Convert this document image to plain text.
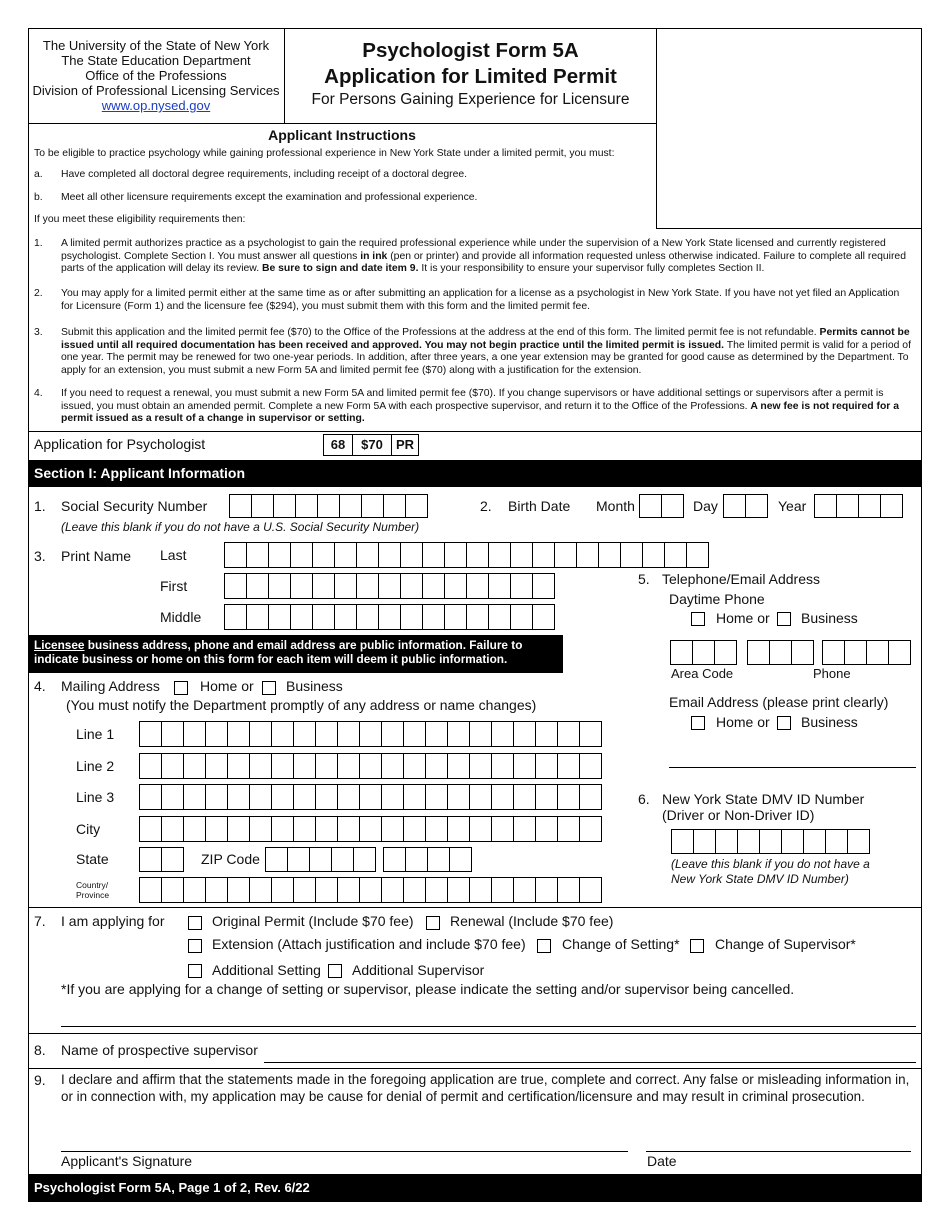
The University of the State of New York
The State Education Department
Office of the Professions
Division of Professional Licensing Services
www.op.nysed.gov
Psychologist Form 5A
Application for Limited Permit
For Persons Gaining Experience for Licensure
Applicant Instructions
To be eligible to practice psychology while gaining professional experience in New York State under a limited permit, you must:
a. Have completed all doctoral degree requirements, including receipt of a doctoral degree.
b. Meet all other licensure requirements except the examination and professional experience.
If you meet these eligibility requirements then:
1. A limited permit authorizes practice as a psychologist to gain the required professional experience while under the supervision of a New York State licensed and currently registered psychologist. Complete Section I. You must answer all questions in ink (pen or printer) and provide all information requested unless otherwise indicated. Failure to complete all required parts of the application will delay its review. Be sure to sign and date item 9. It is your responsibility to ensure your supervisor fully completes Section II.
2. You may apply for a limited permit either at the same time as or after submitting an application for a license as a psychologist in New York State. If you have not yet filed an Application for Licensure (Form 1) and the licensure fee ($294), you must submit them with this form and the limited permit fee.
3. Submit this application and the limited permit fee ($70) to the Office of the Professions at the address at the end of this form. The limited permit fee is not refundable. Permits cannot be issued until all required documentation has been received and approved. You may not begin practice until the limited permit is issued. The limited permit is valid for a period of one year. The permit may be renewed for two one-year periods. In addition, after three years, a one year extension may be granted for good cause as determined by the Department. To apply for an extension, you must submit a new Form 5A and limited permit fee ($70) along with a justification for the extension.
4. If you need to request a renewal, you must submit a new Form 5A and limited permit fee ($70). If you change supervisors or have additional settings or supervisors after a permit is issued, you must obtain an amended permit. Complete a new Form 5A with each prospective supervisor, and return it to the Office of the Professions. A new fee is not required for a permit issued as a result of a change in supervisor or setting.
Application for Psychologist	68	$70	PR
Section I: Applicant Information
1. Social Security Number
(Leave this blank if you do not have a U.S. Social Security Number)
2. Birth Date Month	Day	Year
3. Print Name Last
First
Middle
Licensee business address, phone and email address are public information. Failure to indicate business or home on this form for each item will deem it public information.
5. Telephone/Email Address
Daytime Phone
Home or Business
Area Code	Phone
Email Address (please print clearly)
Home or Business
6. New York State DMV ID Number
(Driver or Non-Driver ID)
(Leave this blank if you do not have a
New York State DMV ID Number)
4. Mailing Address	Home or Business
(You must notify the Department promptly of any address or name changes)
Line 1
Line 2
Line 3
City
State	ZIP Code
Country/
Province
7. I am applying for	Original Permit (Include $70 fee)	Renewal (Include $70 fee)
Extension (Attach justification and include $70 fee)	Change of Setting*	Change of Supervisor*
Additional Setting Additional Supervisor
*If you are applying for a change of setting or supervisor, please indicate the setting and/or supervisor being cancelled.
8. Name of prospective supervisor
9. I declare and affirm that the statements made in the foregoing application are true, complete and correct. Any false or misleading information in, or in connection with, my application may be cause for denial of permit and certification/licensure and may result in criminal prosecution.
Applicant's Signature	Date
Psychologist Form 5A, Page 1 of 2, Rev. 6/22
